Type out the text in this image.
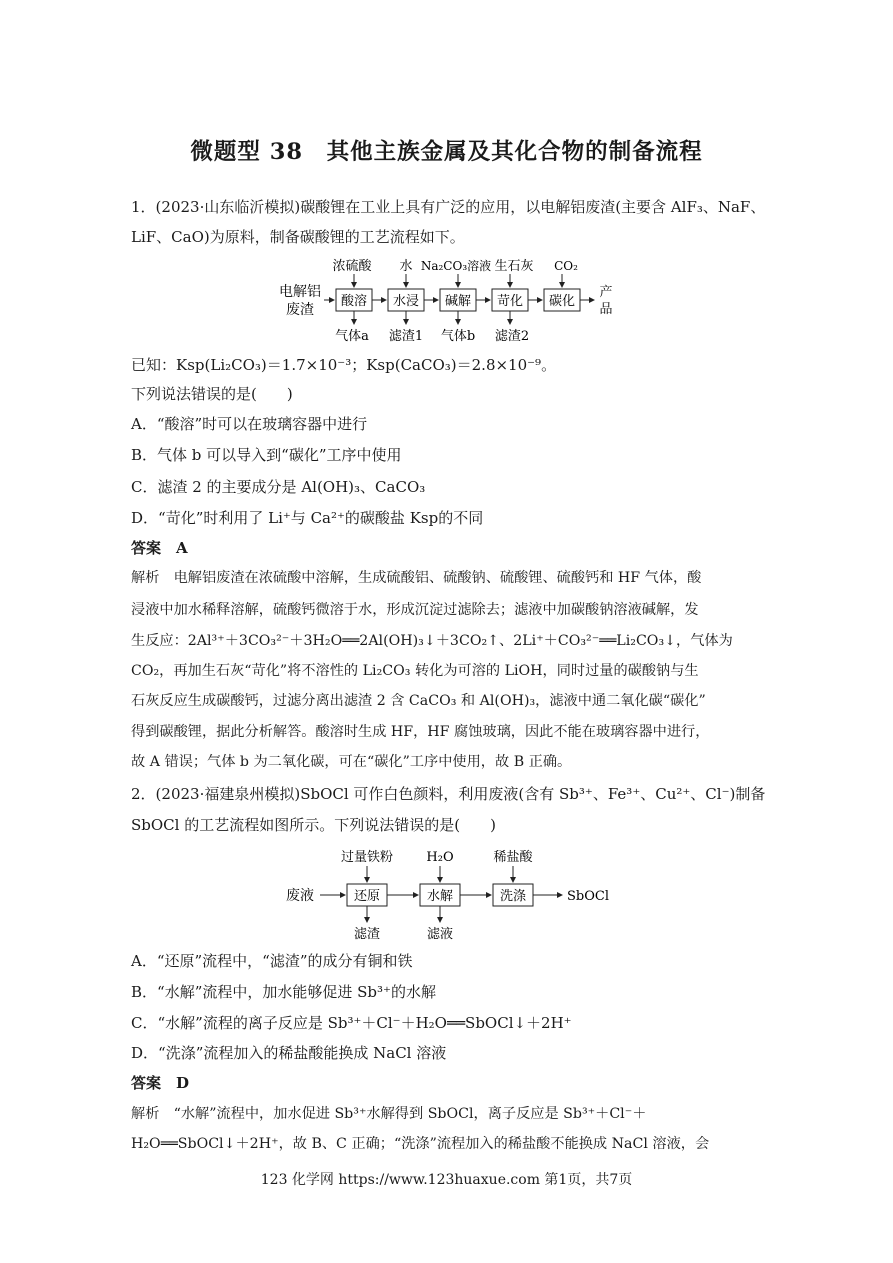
微题型 38　其他主族金属及其化合物的制备流程
1．(2023·山东临沂模拟)碳酸锂在工业上具有广泛的应用，以电解铝废渣(主要含 AlF₃、NaF、
LiF、CaO)为原料，制备碳酸锂的工艺流程如下。
电解铝
废渣
酸溶 水浸 碱解 苛化 碳化
产
品
浓硫酸 水 Na₂CO₃溶液 生石灰 CO₂
气体a 滤渣1 气体b 滤渣2
已知：Ksp(Li₂CO₃)＝1.7×10⁻³；Ksp(CaCO₃)＝2.8×10⁻⁹。
下列说法错误的是(　　)
A．“酸溶”时可以在玻璃容器中进行
B．气体 b 可以导入到“碳化”工序中使用
C．滤渣 2 的主要成分是 Al(OH)₃、CaCO₃
D．“苛化”时利用了 Li⁺与 Ca²⁺的碳酸盐 Ksp的不同
答案　A
解析　电解铝废渣在浓硫酸中溶解，生成硫酸铝、硫酸钠、硫酸锂、硫酸钙和 HF 气体，酸
浸液中加水稀释溶解，硫酸钙微溶于水，形成沉淀过滤除去；滤液中加碳酸钠溶液碱解，发
生反应：2Al³⁺＋3CO₃²⁻＋3H₂O══2Al(OH)₃↓＋3CO₂↑、2Li⁺＋CO₃²⁻══Li₂CO₃↓，气体为
CO₂，再加生石灰“苛化”将不溶性的 Li₂CO₃ 转化为可溶的 LiOH，同时过量的碳酸钠与生
石灰反应生成碳酸钙，过滤分离出滤渣 2 含 CaCO₃ 和 Al(OH)₃，滤液中通二氧化碳“碳化”
得到碳酸锂，据此分析解答。酸溶时生成 HF，HF 腐蚀玻璃，因此不能在玻璃容器中进行，
故 A 错误；气体 b 为二氧化碳，可在“碳化”工序中使用，故 B 正确。
2．(2023·福建泉州模拟)SbOCl 可作白色颜料，利用废液(含有 Sb³⁺、Fe³⁺、Cu²⁺、Cl⁻)制备
SbOCl 的工艺流程如图所示。下列说法错误的是(　　)
废液	还原	水解	洗涤	SbOCl
过量铁粉	H₂O	稀盐酸
滤渣	滤液
A．“还原”流程中，“滤渣”的成分有铜和铁
B．“水解”流程中，加水能够促进 Sb³⁺的水解
C．“水解”流程的离子反应是 Sb³⁺＋Cl⁻＋H₂O══SbOCl↓＋2H⁺
D．“洗涤”流程加入的稀盐酸能换成 NaCl 溶液
答案　D
解析　“水解”流程中，加水促进 Sb³⁺水解得到 SbOCl，离子反应是 Sb³⁺＋Cl⁻＋
H₂O══SbOCl↓＋2H⁺，故 B、C 正确；“洗涤”流程加入的稀盐酸不能换成 NaCl 溶液，会
123 化学网 https://www.123huaxue.com 第1页，共7页
